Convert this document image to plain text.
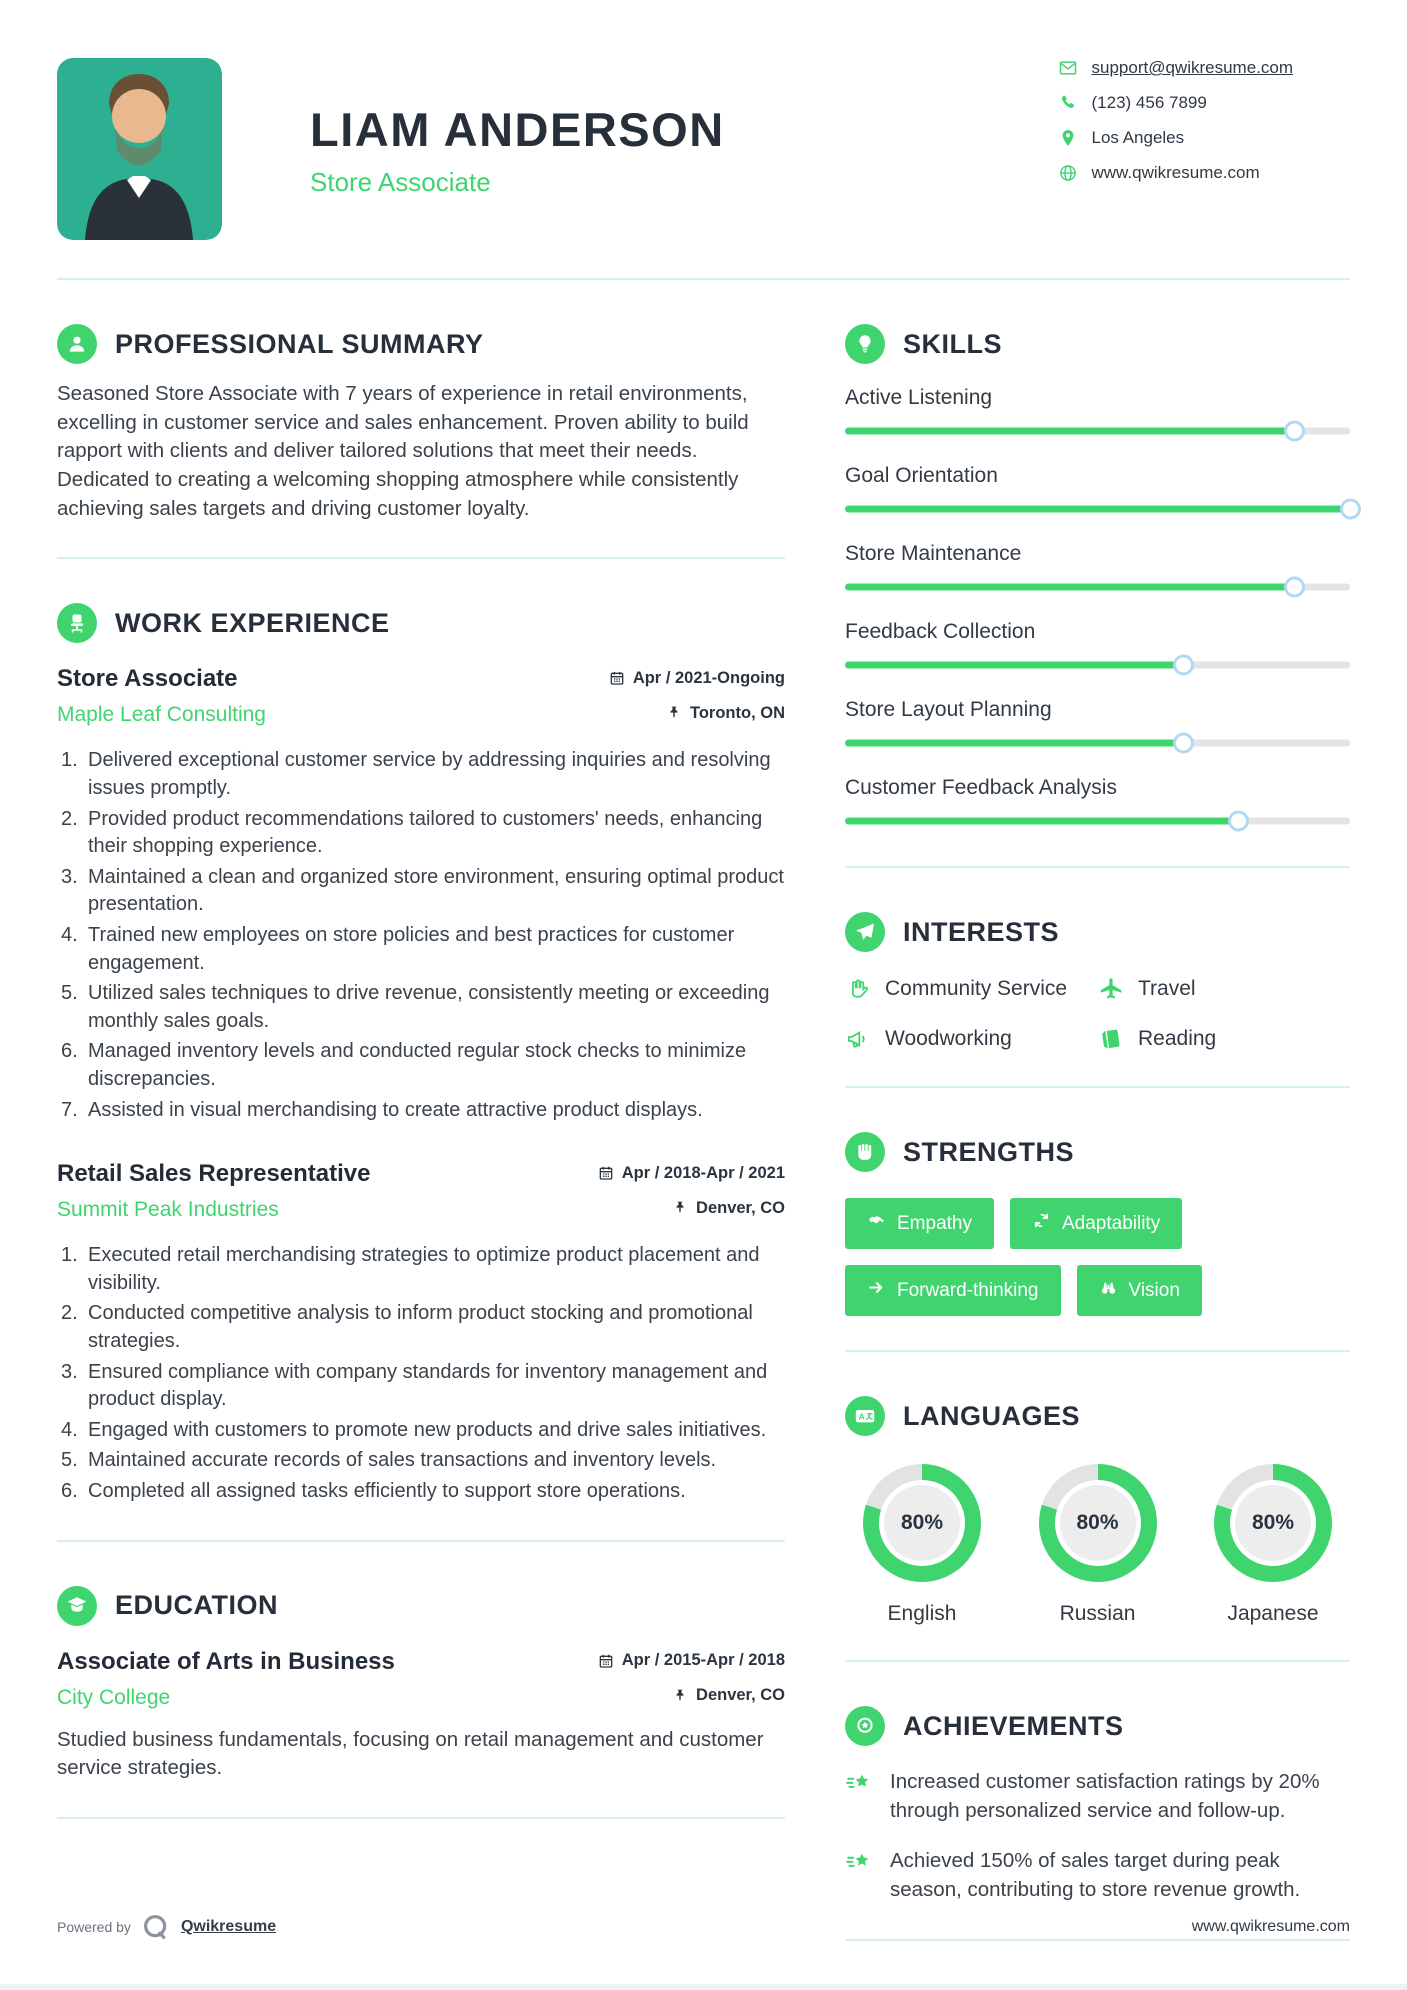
LIAM ANDERSON
Store Associate
support@qwikresume.com
(123) 456 7899
Los Angeles
www.qwikresume.com
PROFESSIONAL SUMMARY

Seasoned Store Associate with 7 years of experience in retail environments, excelling in customer service and sales enhancement. Proven ability to build rapport with clients and deliver tailored solutions that meet their needs. Dedicated to creating a welcoming shopping atmosphere while consistently achieving sales targets and driving customer loyalty.

WORK EXPERIENCE
Store Associate	Apr / 2021-Ongoing
Maple Leaf Consulting	Toronto, ON
Delivered exceptional customer service by addressing inquiries and resolving issues promptly.
Provided product recommendations tailored to customers' needs, enhancing their shopping experience.
Maintained a clean and organized store environment, ensuring optimal product presentation.
Trained new employees on store policies and best practices for customer engagement.
Utilized sales techniques to drive revenue, consistently meeting or exceeding monthly sales goals.
Managed inventory levels and conducted regular stock checks to minimize discrepancies.
Assisted in visual merchandising to create attractive product displays.
Retail Sales Representative	Apr / 2018-Apr / 2021
Summit Peak Industries	Denver, CO
Executed retail merchandising strategies to optimize product placement and visibility.
Conducted competitive analysis to inform product stocking and promotional strategies.
Ensured compliance with company standards for inventory management and product display.
Engaged with customers to promote new products and drive sales initiatives.
Maintained accurate records of sales transactions and inventory levels.
Completed all assigned tasks efficiently to support store operations.
EDUCATION
Associate of Arts in Business	Apr / 2015-Apr / 2018
City College	Denver, CO

Studied business fundamentals, focusing on retail management and customer service strategies.

SKILLS
Active Listening
Goal Orientation
Store Maintenance
Feedback Collection
Store Layout Planning
Customer Feedback Analysis
INTERESTS
Community Service	Travel
Woodworking	Reading
STRENGTHS
Empathy	Adaptability
Forward-thinking	Vision
A LANGUAGES
80%
English
80%
Russian
80%
Japanese
ACHIEVEMENTS
Increased customer satisfaction ratings by 20% through personalized service and follow-up.
Achieved 150% of sales target during peak season, contributing to store revenue growth.
Powered by	Qwikresume	www.qwikresume.com
